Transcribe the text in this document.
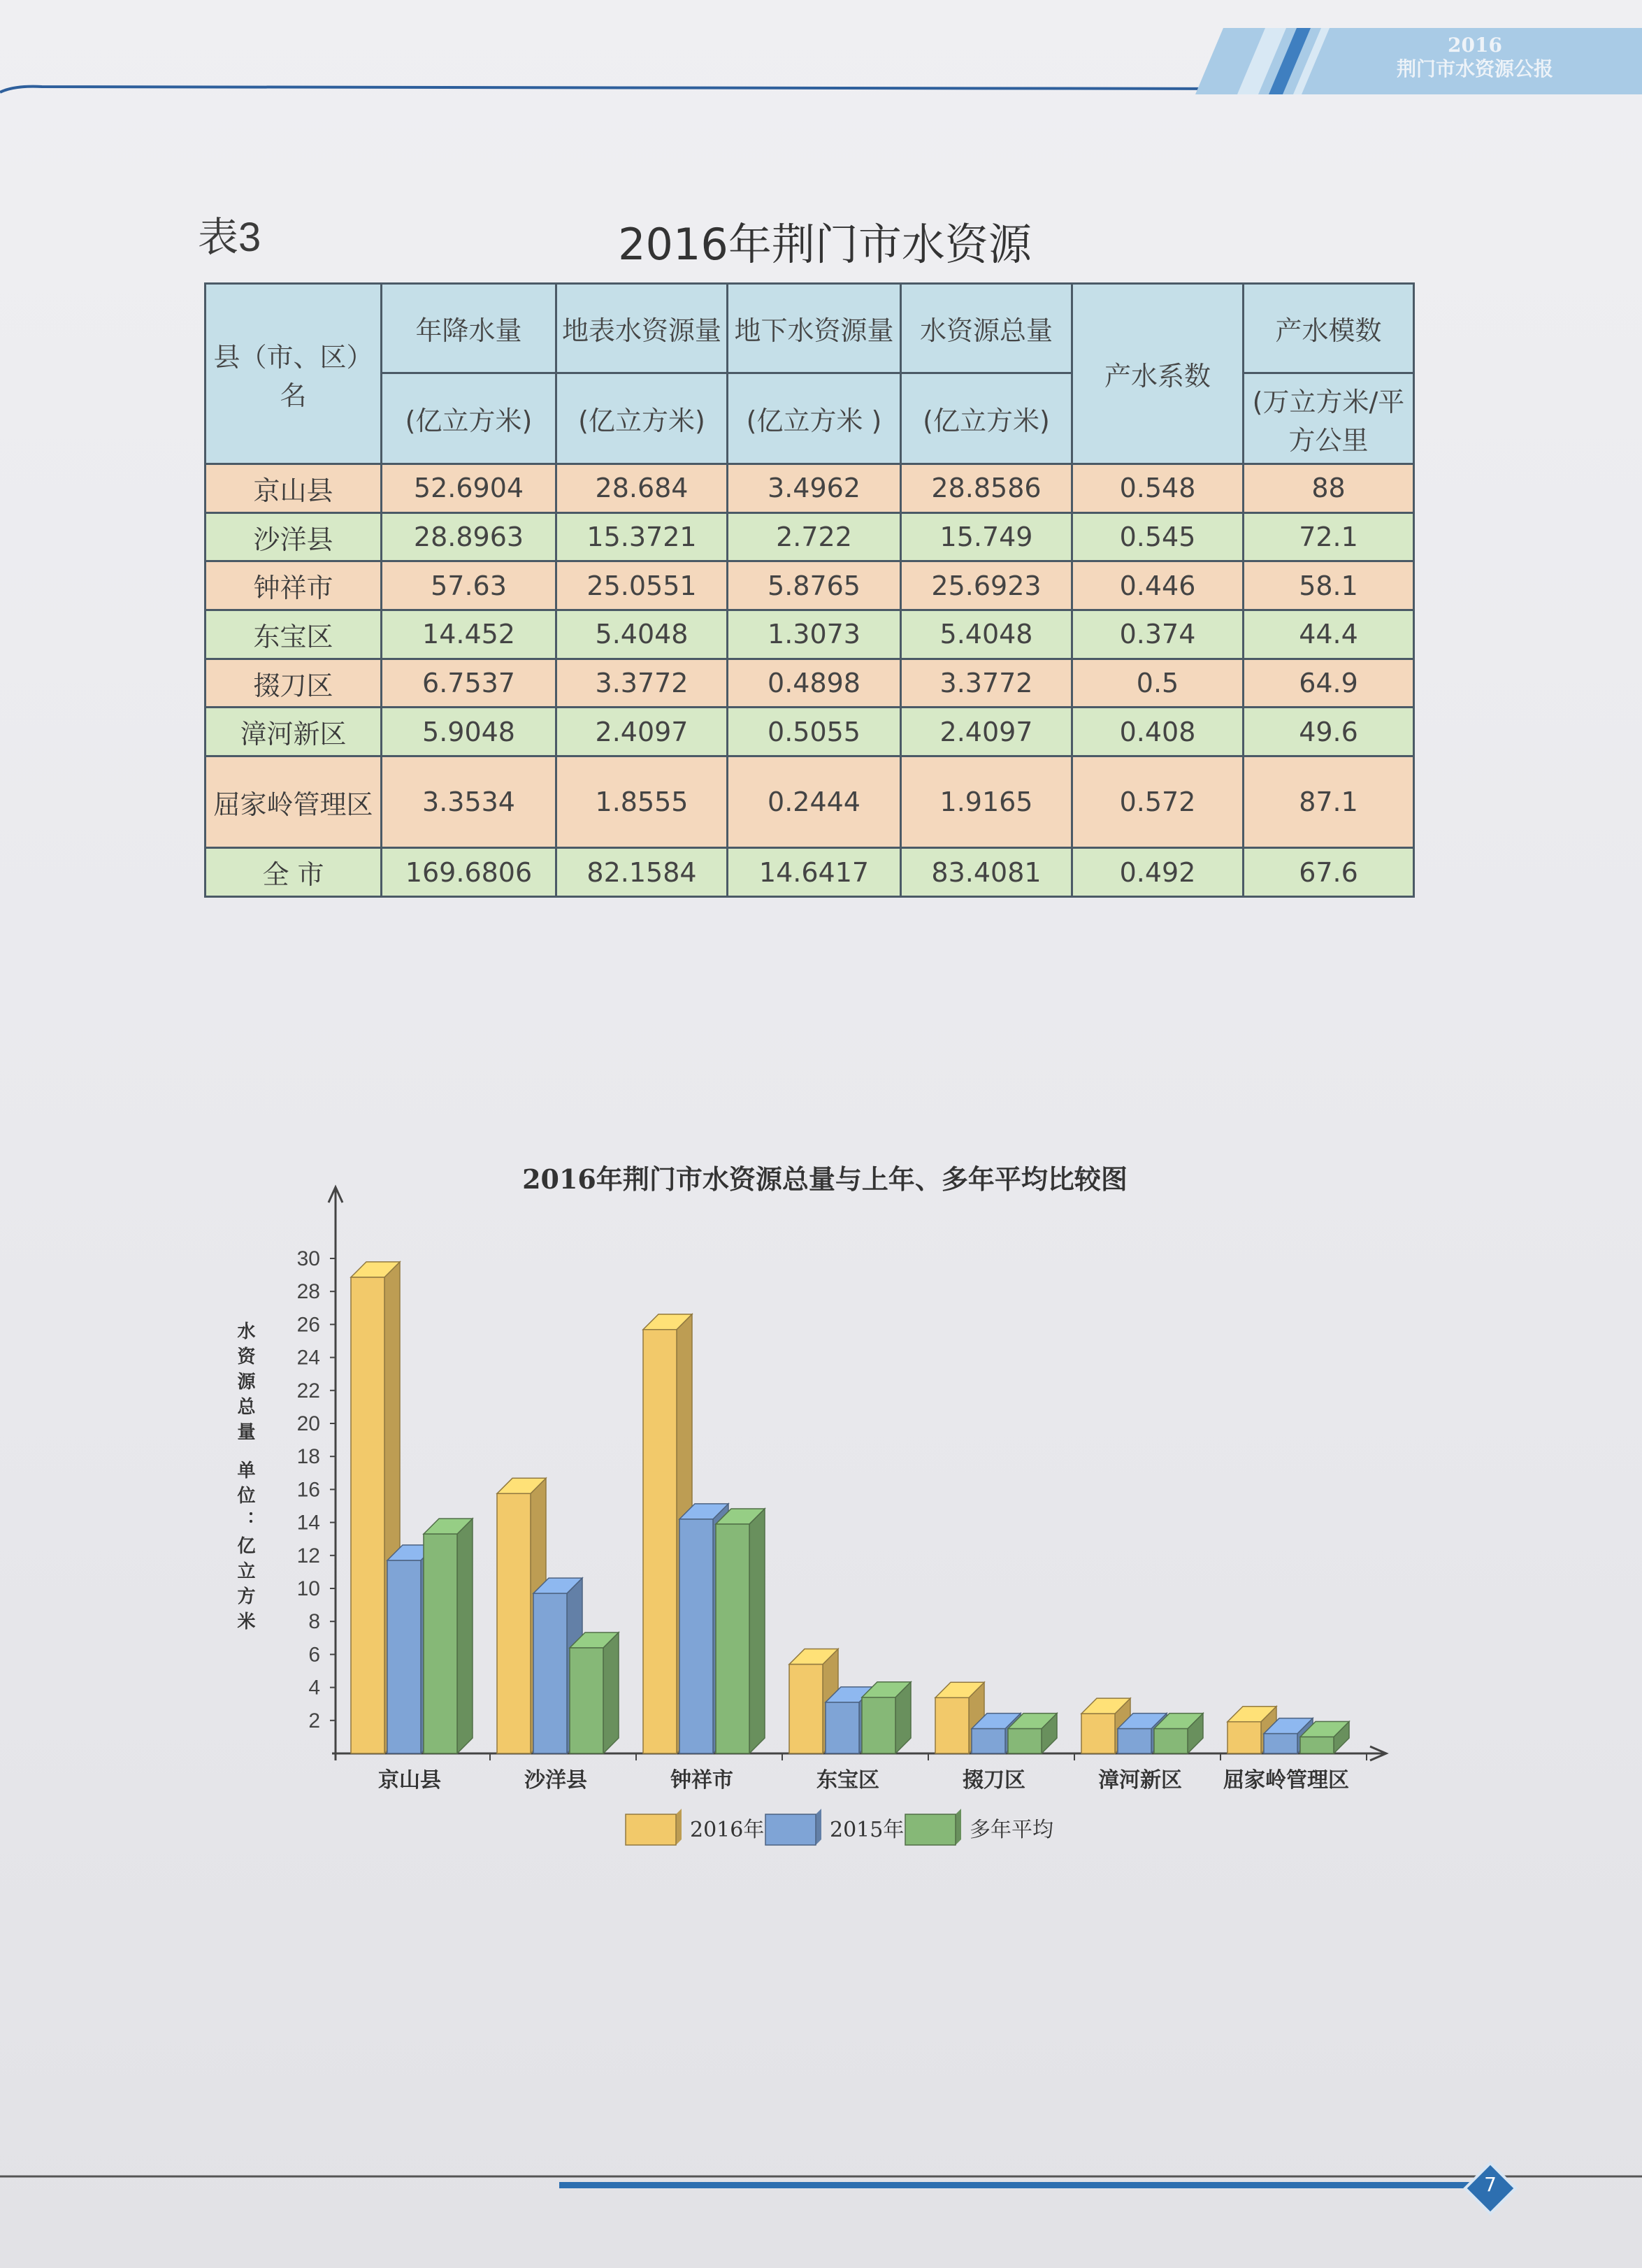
2016
荆门市水资源公报
表3	2016年荆门市水资源
县（市、区）名	年降水量	地表水资源量	地下水资源量	水资源总量	产水系数	产水模数
	(亿立方米)	(亿立方米)	(亿立方米 )	(亿立方米)		(万立方米/平方公里
京山县	52.6904	28.684	3.4962	28.8586	0.548	88
沙洋县	28.8963	15.3721	2.722	15.749	0.545	72.1
钟祥市	57.63	25.0551	5.8765	25.6923	0.446	58.1
东宝区	14.452	5.4048	1.3073	5.4048	0.374	44.4
掇刀区	6.7537	3.3772	0.4898	3.3772	0.5	64.9
漳河新区	5.9048	2.4097	0.5055	2.4097	0.408	49.6
屈家岭管理区	3.3534	1.8555	0.2444	1.9165	0.572	87.1
全 市	169.6806	82.1584	14.6417	83.4081	0.492	67.6
2016年荆门市水资源总量与上年、多年平均比较图
2
4
6
8
10
12
14
16
18
20
22
24
26
28
30
水资源总量 单位：亿立方米
京山县	沙洋县	钟祥市	东宝区	掇刀区	漳河新区 屈家岭管理区
2016年	2015年	多年平均
7
